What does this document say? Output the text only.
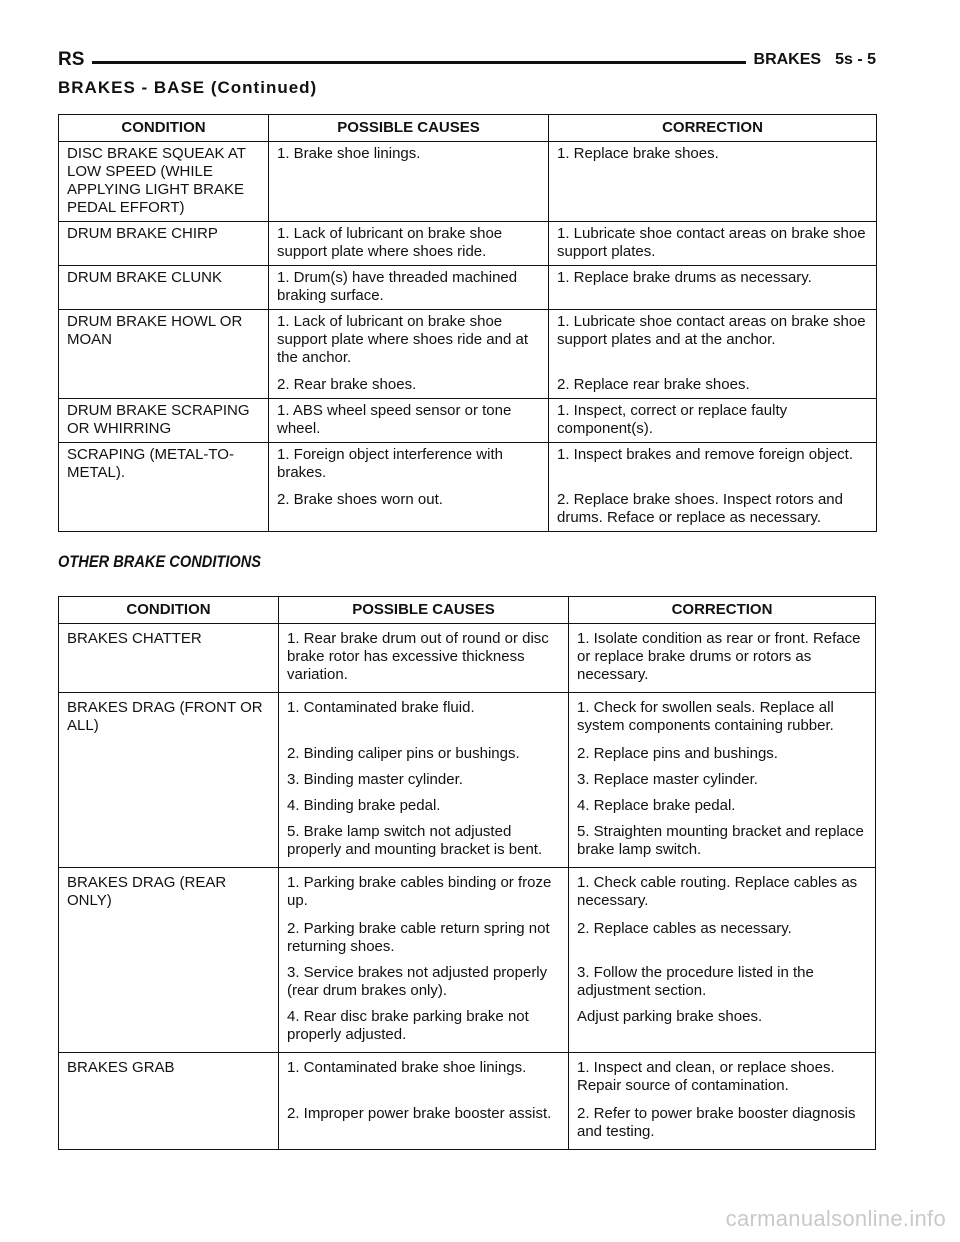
RS	BRAKES 5s - 5
BRAKES - BASE (Continued)
CONDITION	POSSIBLE CAUSES	CORRECTION
DISC BRAKE SQUEAK AT LOW SPEED (WHILE APPLYING LIGHT BRAKE PEDAL EFFORT)	1. Brake shoe linings.	1. Replace brake shoes.
DRUM BRAKE CHIRP	1. Lack of lubricant on brake shoe support plate where shoes ride.	1. Lubricate shoe contact areas on brake shoe support plates.
DRUM BRAKE CLUNK	1. Drum(s) have threaded machined braking surface.	1. Replace brake drums as necessary.
DRUM BRAKE HOWL OR MOAN	1. Lack of lubricant on brake shoe support plate where shoes ride and at the anchor.	1. Lubricate shoe contact areas on brake shoe support plates and at the anchor.
	2. Rear brake shoes.	2. Replace rear brake shoes.
DRUM BRAKE SCRAPING OR WHIRRING	1. ABS wheel speed sensor or tone wheel.	1. Inspect, correct or replace faulty component(s).
SCRAPING (METAL-TO-METAL).	1. Foreign object interference with brakes.	1. Inspect brakes and remove foreign object.
	2. Brake shoes worn out.	2. Replace brake shoes. Inspect rotors and drums. Reface or replace as necessary.
OTHER BRAKE CONDITIONS
CONDITION	POSSIBLE CAUSES	CORRECTION
BRAKES CHATTER	1. Rear brake drum out of round or disc brake rotor has excessive thickness variation.	1. Isolate condition as rear or front. Reface or replace brake drums or rotors as necessary.
BRAKES DRAG (FRONT OR ALL)	1. Contaminated brake fluid.	1. Check for swollen seals. Replace all system components containing rubber.
	2. Binding caliper pins or bushings.	2. Replace pins and bushings.
	3. Binding master cylinder.	3. Replace master cylinder.
	4. Binding brake pedal.	4. Replace brake pedal.
	5. Brake lamp switch not adjusted properly and mounting bracket is bent.	5. Straighten mounting bracket and replace brake lamp switch.
BRAKES DRAG (REAR ONLY)	1. Parking brake cables binding or froze up.	1. Check cable routing. Replace cables as necessary.
	2. Parking brake cable return spring not returning shoes.	2. Replace cables as necessary.
	3. Service brakes not adjusted properly (rear drum brakes only).	3. Follow the procedure listed in the adjustment section.
	4. Rear disc brake parking brake not properly adjusted.	Adjust parking brake shoes.
BRAKES GRAB	1. Contaminated brake shoe linings.	1. Inspect and clean, or replace shoes. Repair source of contamination.
	2. Improper power brake booster assist.	2. Refer to power brake booster diagnosis and testing.
carmanualsonline.info
